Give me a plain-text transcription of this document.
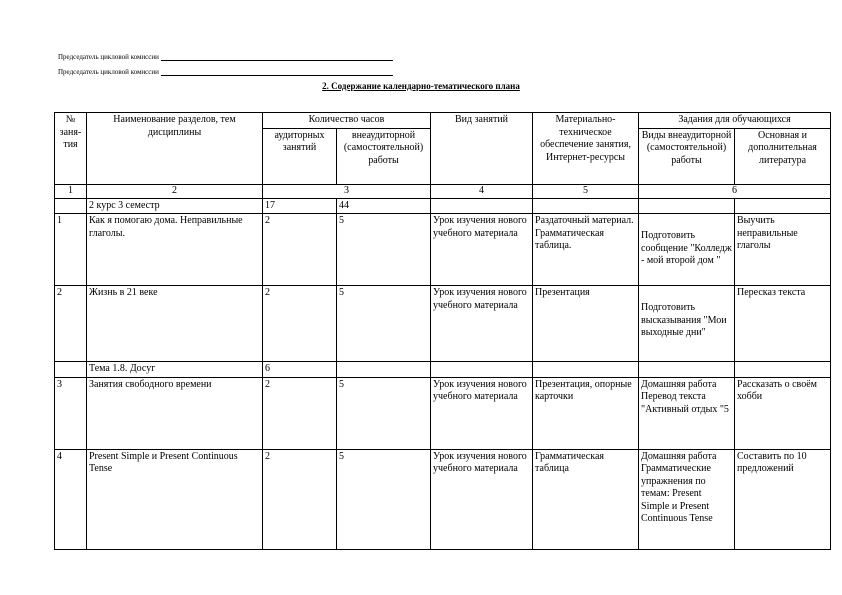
Председатель цикловой комиссии
Председатель цикловой комиссии
2. Содержание календарно-тематического плана
№ заня-тия	Наименование разделов, тем дисциплины	Количество часов		Вид занятий	Материально-техническое обеспечение занятия, Интернет-ресурсы	Задания для обучающихся	
		аудиторных занятий	внеаудиторной (самостоятельной) работы			Виды внеаудиторной (самостоятельной) работы	Основная и дополнительная литература
1	2	3		4	5	6	
	2 курс 3 семестр	17	44				
1	Как я помогаю дома. Неправильные глаголы.	2	5	Урок изучения нового учебного материала	Раздаточный материал. Грамматическая таблица.	Подготовить сообщение "Колледж - мой второй дом "	Выучить неправильные глаголы
2	Жизнь в 21 веке	2	5	Урок изучения нового учебного материала	Презентация	Подготовить высказывания "Мои выходные дни"	Пересказ текста
	Тема 1.8. Досуг	6					
3	Занятия свободного времени	2	5	Урок изучения нового учебного материала	Презентация, опорные карточки	Домашняя работа Перевод текста "Активный отдых "5	Рассказать о своём хобби
4	Present Simple и Present Continuous Tense	2	5	Урок изучения нового учебного материала	Грамматическая таблица	Домашняя работа Грамматические упражнения по темам: Present Simple и Present Continuous Tense	Составить по 10 предложений
